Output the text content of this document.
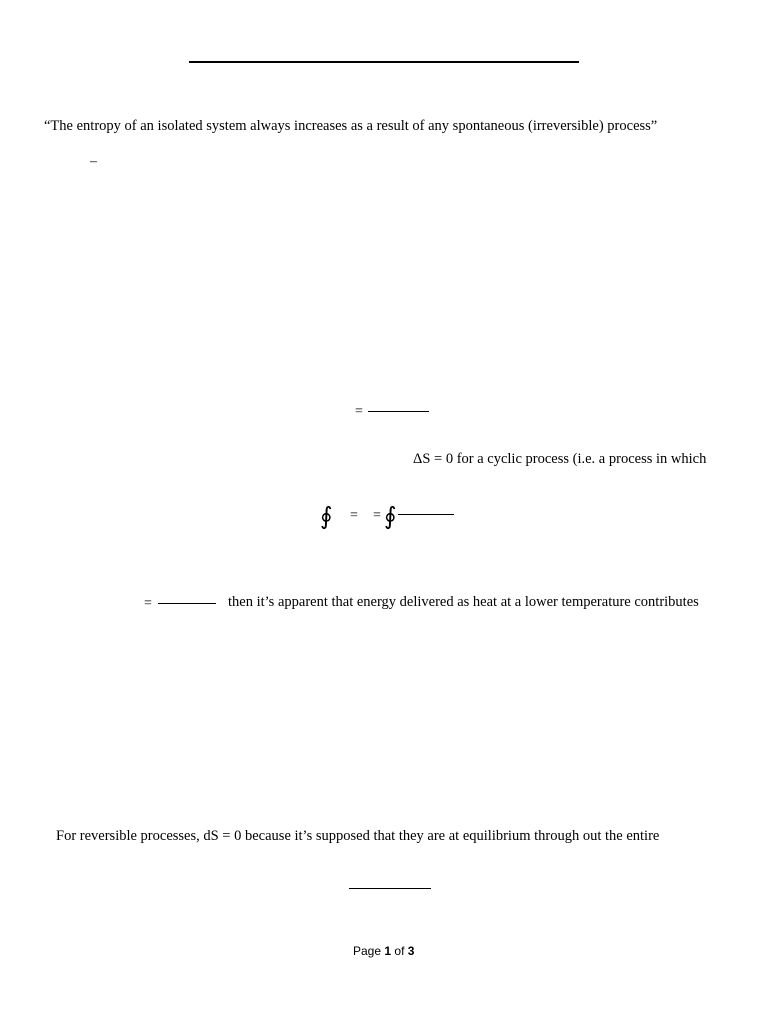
“The entropy of an isolated system always increases as a result of any spontaneous (irreversible) process”
–
=
ΔS = 0 for a cyclic process (i.e. a process in which
∮ = = ∮
=	then it’s apparent that energy delivered as heat at a lower temperature contributes
For reversible processes, dS = 0 because it’s supposed that they are at equilibrium through out the entire
Page 1 of 3
